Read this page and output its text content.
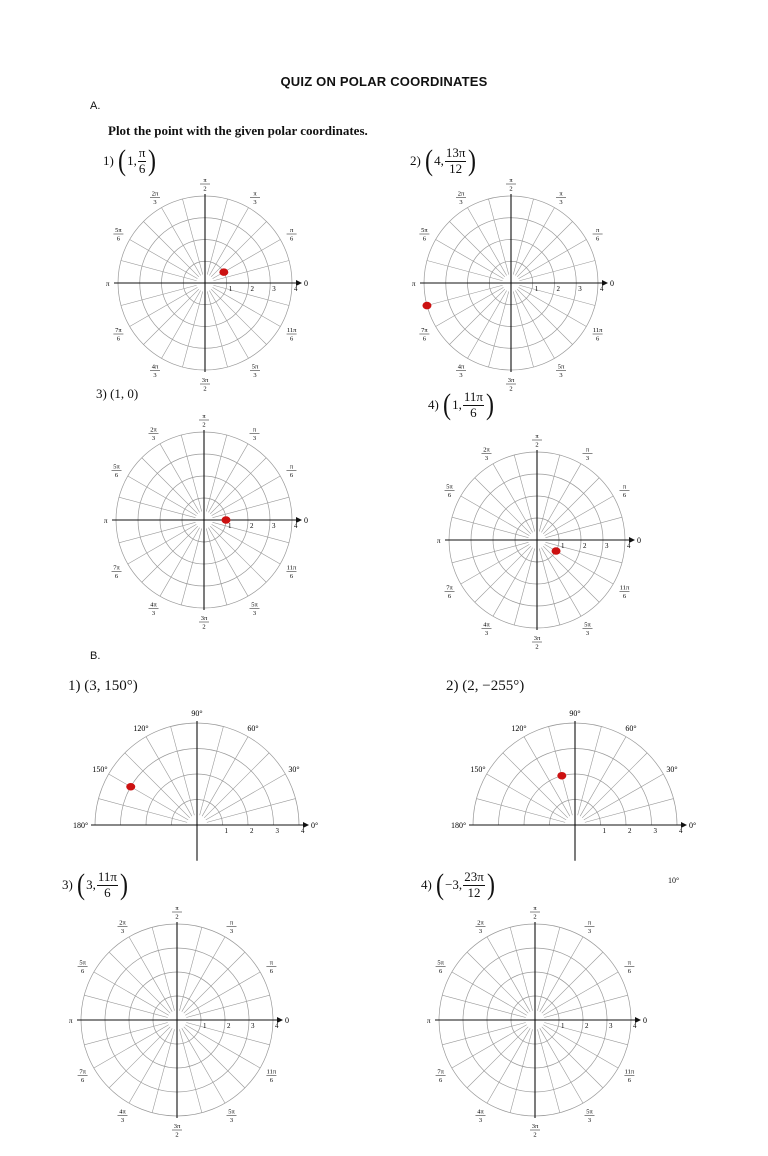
QUIZ ON POLAR COORDINATES
A.
Plot the point with the given polar coordinates.
1)
( 1, $\frac{\pi}{6}$ )	2)
( 4, $\frac{13\pi}{12}$ )
3)
(1, 0)
4)
( 1, $\frac{11\pi}{6}$ )
B.
1)
(3, 150°)	2)
(2, −255°)
3)
( 3, $\frac{11\pi}{6}$ )	4)
( −3, $\frac{23\pi}{12}$ )	10°
1	2	3	4
0
π
π
2
2π
3
π
3
5π
6
π
6
7π
6
11π
6
4π
3
5π
3
3π
2
1	2	3	4
0
π
π
2
2π
3
π
3
5π
6
π
6
7π
6
11π
6
4π
3
5π
3
3π
2
1	2	3	4
0
π
π
2
2π
3
π
3
5π
6
π
6
7π
6
11π
6
4π
3
5π
3
3π
2
1	2	3	4
0
π
π
2
2π
3
π
3
5π
6
π
6
7π
6
11π
6
4π
3
5π
3
3π
2
1	2	3	4
0°
180°
90°
120°	60°
150°	30°
1	2	3	4
0°
180°
90°
120°	60°
150°	30°
1	2	3	4
0
π
π
2
2π
3
π
3
5π
6
π
6
7π
6
11π
6
4π
3
5π
3
3π
2
1	2	3	4
0
π
π
2
2π
3
π
3
5π
6
π
6
7π
6
11π
6
4π
3
5π
3
3π
2
